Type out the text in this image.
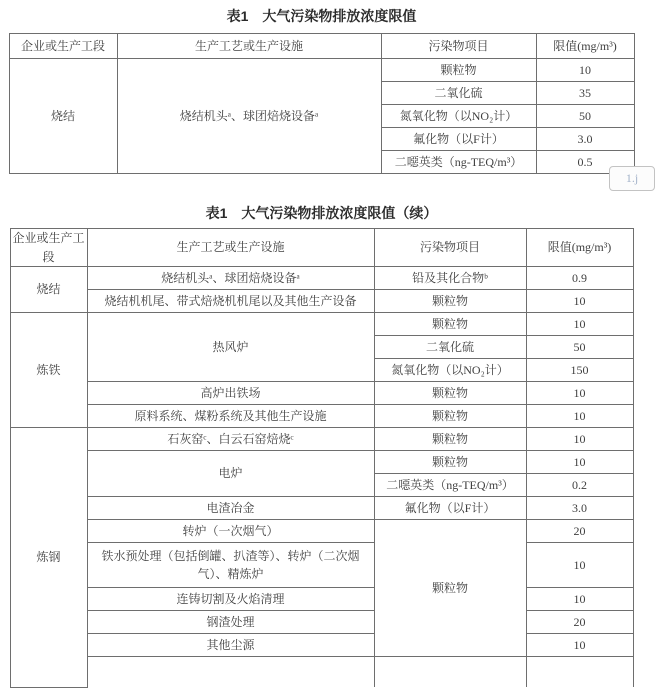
表1　大气污染物排放浓度限值
企业或生产工段	生产工艺或生产设施	污染物项目	限值(mg/m³)
烧结	烧结机头ᵃ、球团焙烧设备ᵃ	颗粒物	10
		二氧化硫	35
		氮氧化物（以NO₂计）	50
		氟化物（以F计）	3.0
		二噁英类（ng-TEQ/m³）	0.5
1.j
表1　大气污染物排放浓度限值（续）
企业或生产工段	生产工艺或生产设施	污染物项目	限值(mg/m³)
烧结	烧结机头ᵃ、球团焙烧设备ᵃ	铅及其化合物ᵇ	0.9
	烧结机机尾、带式焙烧机机尾以及其他生产设备	颗粒物	10
炼铁	热风炉	颗粒物	10
		二氧化硫	50
		氮氧化物（以NO₂计）	150
	高炉出铁场	颗粒物	10
	原料系统、煤粉系统及其他生产设施	颗粒物	10
炼钢	石灰窑ᶜ、白云石窑焙烧ᶜ	颗粒物	10
	电炉	颗粒物	10
		二噁英类（ng-TEQ/m³）	0.2
	电渣冶金	氟化物（以F计）	3.0
	转炉（一次烟气）	颗粒物	20
	铁水预处理（包括倒罐、扒渣等）、转炉（二次烟气）、精炼炉		10
	连铸切割及火焰清理		10
	钢渣处理		20
	其他尘源		10
